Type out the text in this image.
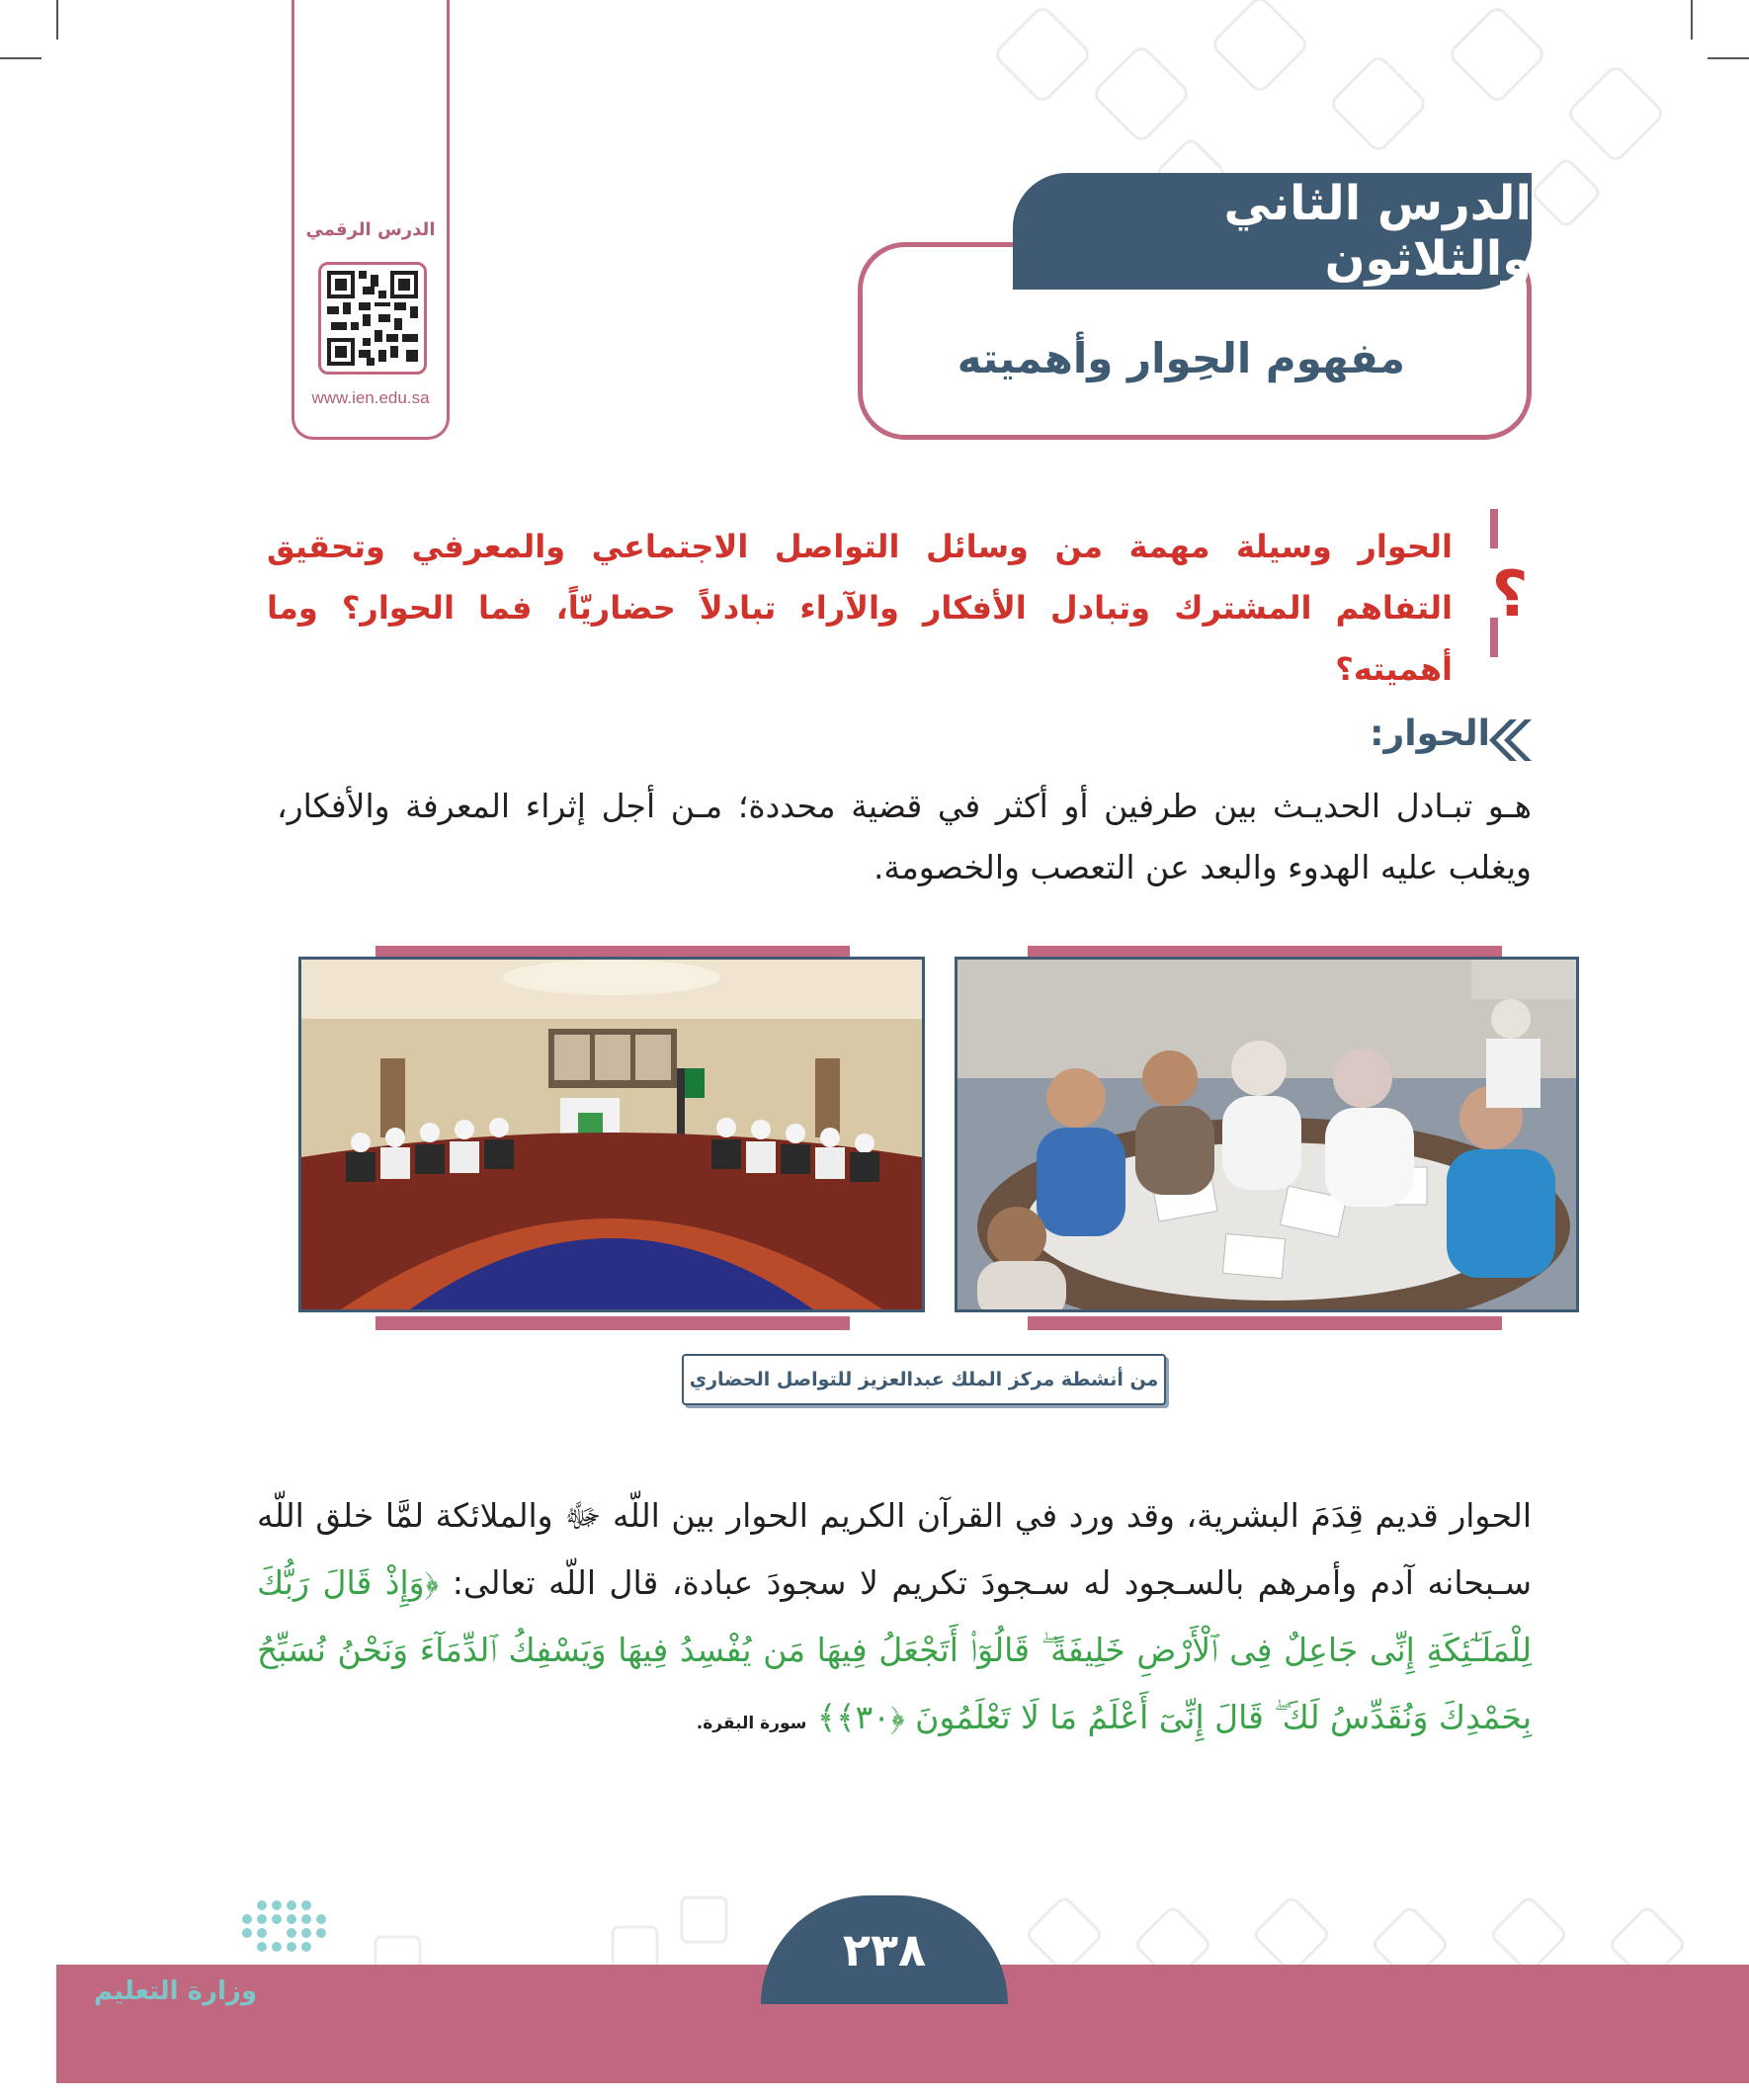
الدرس الرقمي
www.ien.edu.sa
الدرس الثاني والثلاثون
مفهوم الحِوار وأهميته
؟
الحوار وسيلة مهمة من وسائل التواصل الاجتماعي والمعرفي وتحقيق التفاهم المشترك وتبادل الأفكار والآراء تبادلاً حضاريّاً، فما الحوار؟ وما أهميته؟
الحوار:
هـو تبـادل الحديـث بين طرفين أو أكثر في قضية محددة؛ مـن أجل إثراء المعرفة والأفكار، ويغلب عليه الهدوء والبعد عن التعصب والخصومة.
من أنشطة مركز الملك عبدالعزيز للتواصل الحضاري
الحوار قديم قِدَمَ البشرية، وقد ورد في القرآن الكريم الحوار بين اللّه ﷻ والملائكة لمَّا خلق اللّه سـبحانه آدم وأمرهم بالسـجود له سـجودَ تكريم لا سجودَ عبادة، قال اللّه تعالى: ﴿وَإِذْ قَالَ رَبُّكَ لِلْمَلَـٰٓئِكَةِ إِنِّى جَاعِلٌ فِى ٱلْأَرْضِ خَلِيفَةً ۖ قَالُوٓا۟ أَتَجْعَلُ فِيهَا مَن يُفْسِدُ فِيهَا وَيَسْفِكُ ٱلدِّمَآءَ وَنَحْنُ نُسَبِّحُ بِحَمْدِكَ وَنُقَدِّسُ لَكَ ۖ قَالَ إِنِّىٓ أَعْلَمُ مَا لَا تَعْلَمُونَ ﴿٣٠﴾﴾ سورة البقرة.
٢٣٨
وزارة التعليم
